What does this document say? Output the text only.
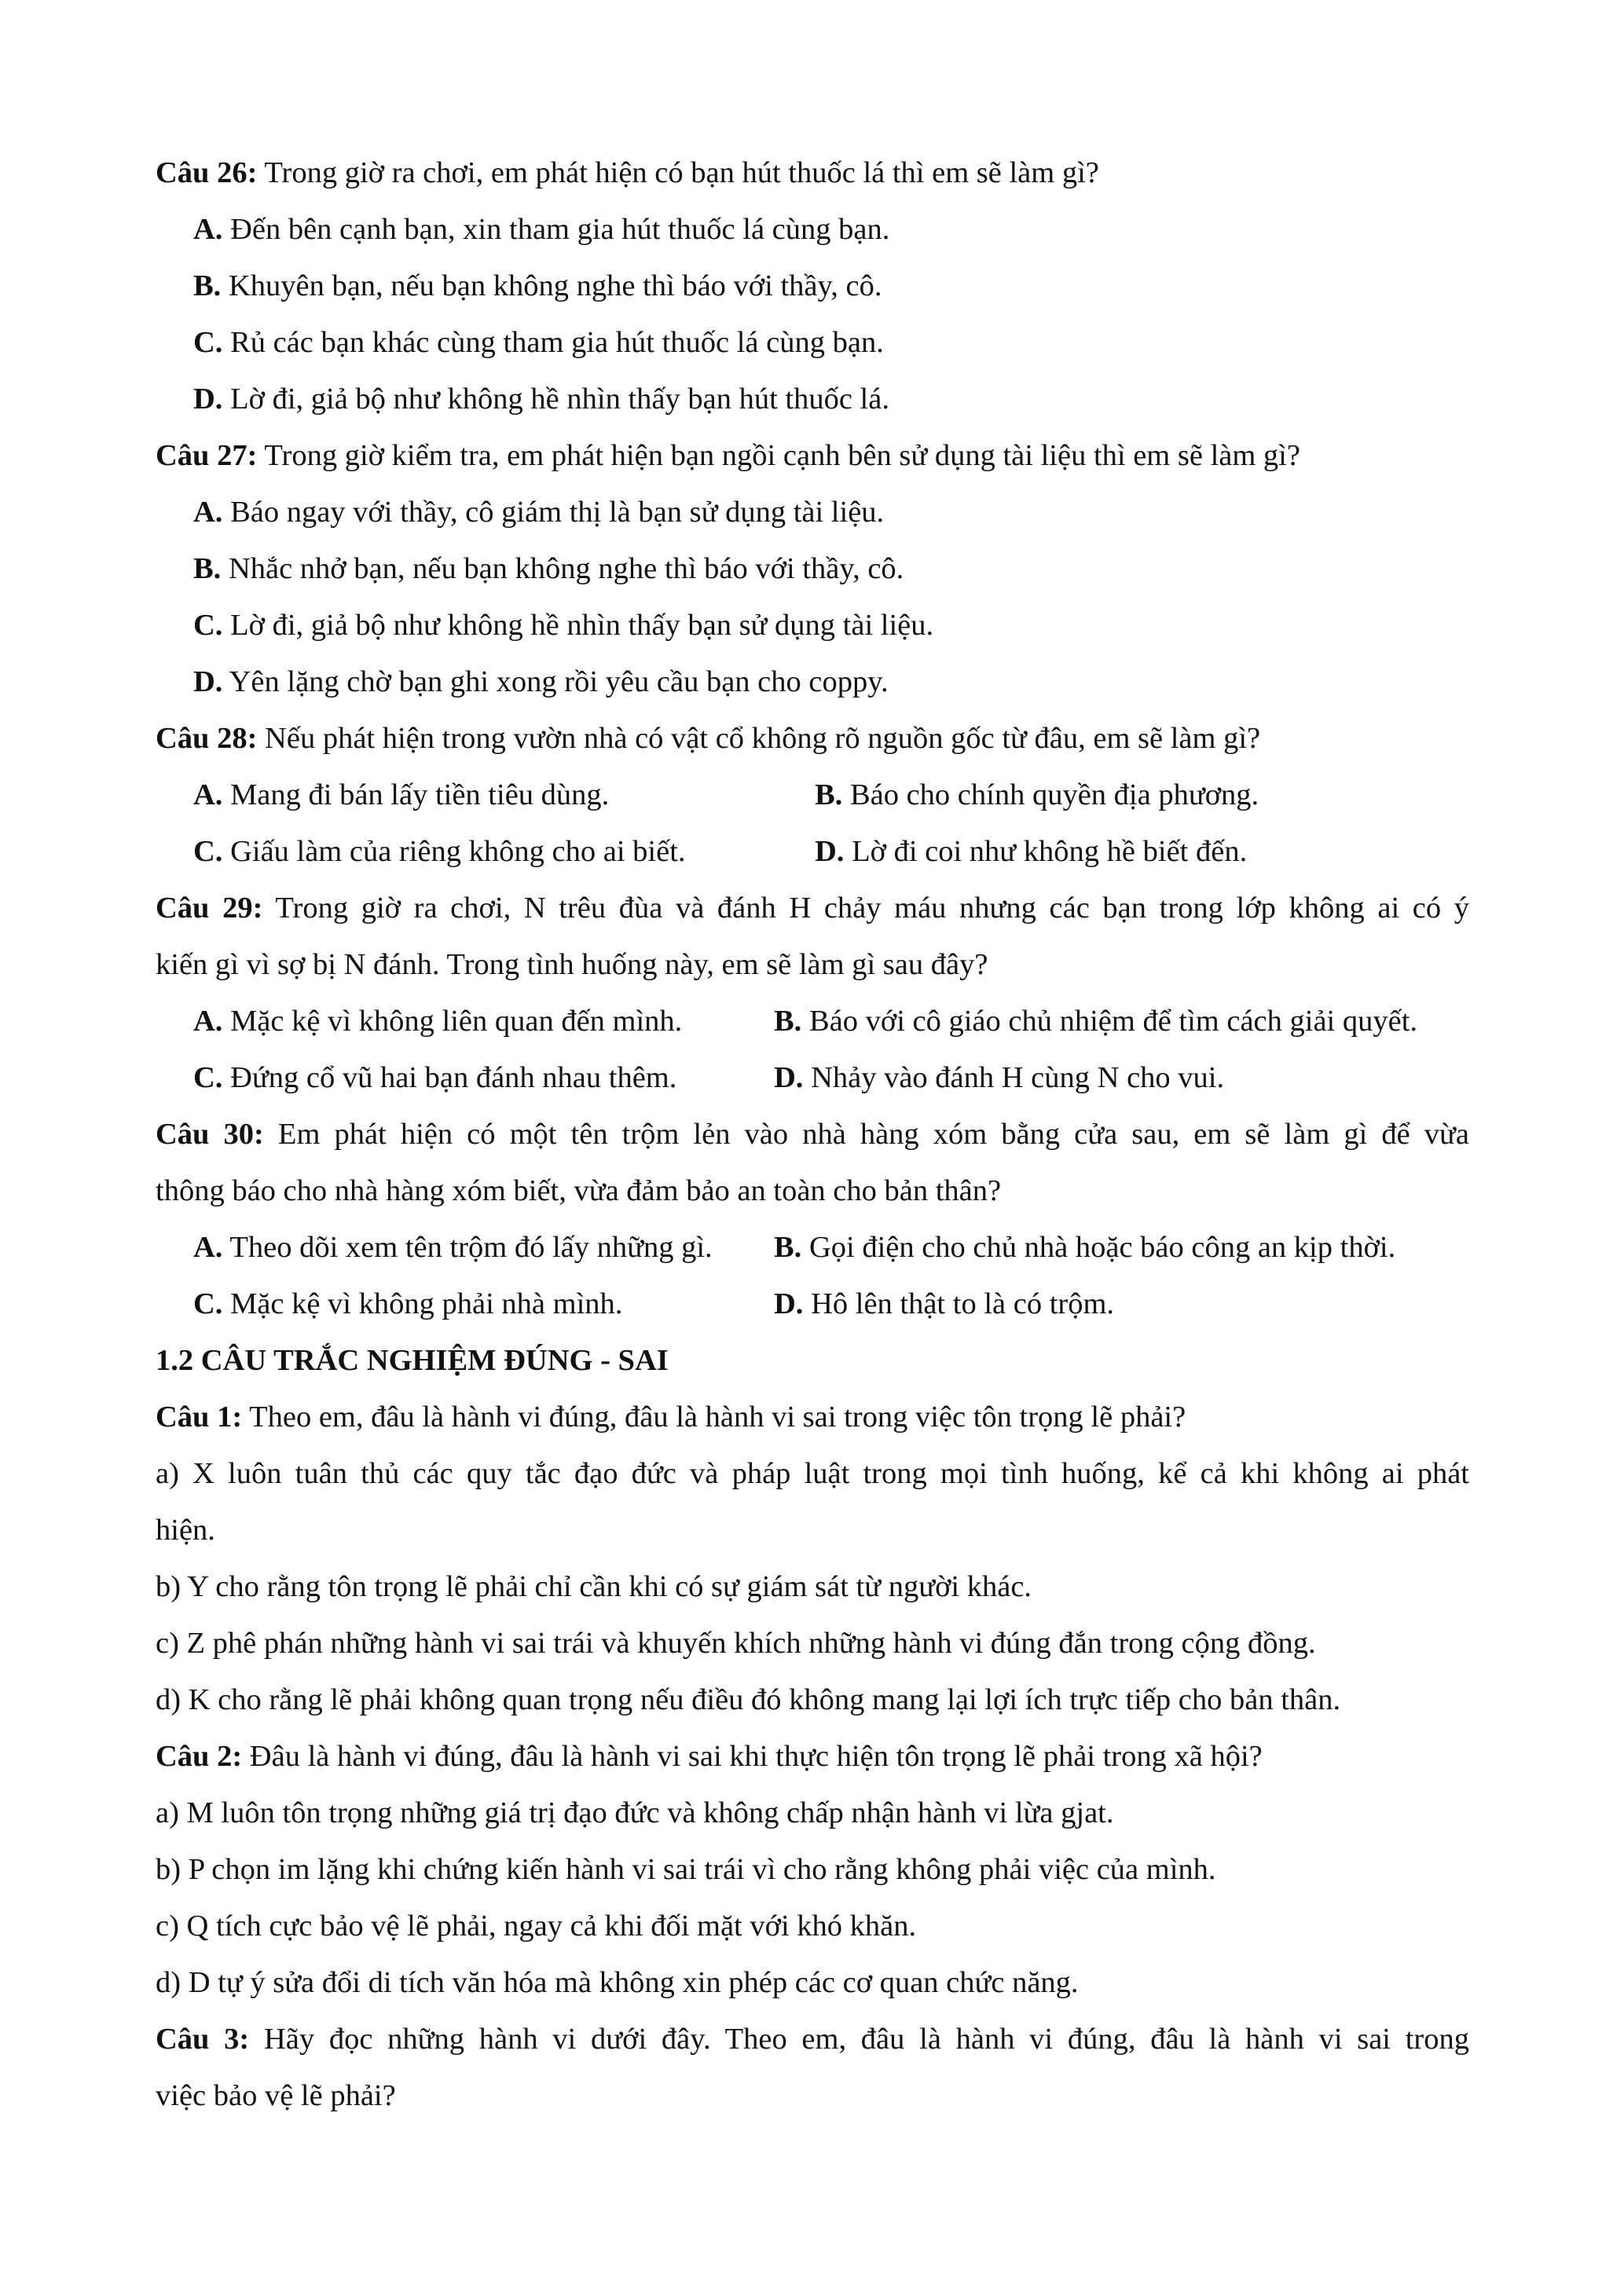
Câu 26: Trong giờ ra chơi, em phát hiện có bạn hút thuốc lá thì em sẽ làm gì?
A. Đến bên cạnh bạn, xin tham gia hút thuốc lá cùng bạn.
B. Khuyên bạn, nếu bạn không nghe thì báo với thầy, cô.
C. Rủ các bạn khác cùng tham gia hút thuốc lá cùng bạn.
D. Lờ đi, giả bộ như không hề nhìn thấy bạn hút thuốc lá.
Câu 27: Trong giờ kiểm tra, em phát hiện bạn ngồi cạnh bên sử dụng tài liệu thì em sẽ làm gì?
A. Báo ngay với thầy, cô giám thị là bạn sử dụng tài liệu.
B. Nhắc nhở bạn, nếu bạn không nghe thì báo với thầy, cô.
C. Lờ đi, giả bộ như không hề nhìn thấy bạn sử dụng tài liệu.
D. Yên lặng chờ bạn ghi xong rồi yêu cầu bạn cho coppy.
Câu 28: Nếu phát hiện trong vườn nhà có vật cổ không rõ nguồn gốc từ đâu, em sẽ làm gì?
A. Mang đi bán lấy tiền tiêu dùng.	B. Báo cho chính quyền địa phương.
C. Giấu làm của riêng không cho ai biết.	D. Lờ đi coi như không hề biết đến.
Câu 29: Trong giờ ra chơi, N trêu đùa và đánh H chảy máu nhưng các bạn trong lớp không ai có ý
kiến gì vì sợ bị N đánh. Trong tình huống này, em sẽ làm gì sau đây?
A. Mặc kệ vì không liên quan đến mình.	B. Báo với cô giáo chủ nhiệm để tìm cách giải quyết.
C. Đứng cổ vũ hai bạn đánh nhau thêm.	D. Nhảy vào đánh H cùng N cho vui.
Câu 30: Em phát hiện có một tên trộm lẻn vào nhà hàng xóm bằng cửa sau, em sẽ làm gì để vừa
thông báo cho nhà hàng xóm biết, vừa đảm bảo an toàn cho bản thân?
A. Theo dõi xem tên trộm đó lấy những gì. B. Gọi điện cho chủ nhà hoặc báo công an kịp thời.
C. Mặc kệ vì không phải nhà mình.	D. Hô lên thật to là có trộm.
1.2 CÂU TRẮC NGHIỆM ĐÚNG - SAI
Câu 1: Theo em, đâu là hành vi đúng, đâu là hành vi sai trong việc tôn trọng lẽ phải?
a) X luôn tuân thủ các quy tắc đạo đức và pháp luật trong mọi tình huống, kể cả khi không ai phát
hiện.
b) Y cho rằng tôn trọng lẽ phải chỉ cần khi có sự giám sát từ người khác.
c) Z phê phán những hành vi sai trái và khuyến khích những hành vi đúng đắn trong cộng đồng.
d) K cho rằng lẽ phải không quan trọng nếu điều đó không mang lại lợi ích trực tiếp cho bản thân.
Câu 2: Đâu là hành vi đúng, đâu là hành vi sai khi thực hiện tôn trọng lẽ phải trong xã hội?
a) M luôn tôn trọng những giá trị đạo đức và không chấp nhận hành vi lừa gjat.
b) P chọn im lặng khi chứng kiến hành vi sai trái vì cho rằng không phải việc của mình.
c) Q tích cực bảo vệ lẽ phải, ngay cả khi đối mặt với khó khăn.
d) D tự ý sửa đổi di tích văn hóa mà không xin phép các cơ quan chức năng.
Câu 3: Hãy đọc những hành vi dưới đây. Theo em, đâu là hành vi đúng, đâu là hành vi sai trong
việc bảo vệ lẽ phải?
